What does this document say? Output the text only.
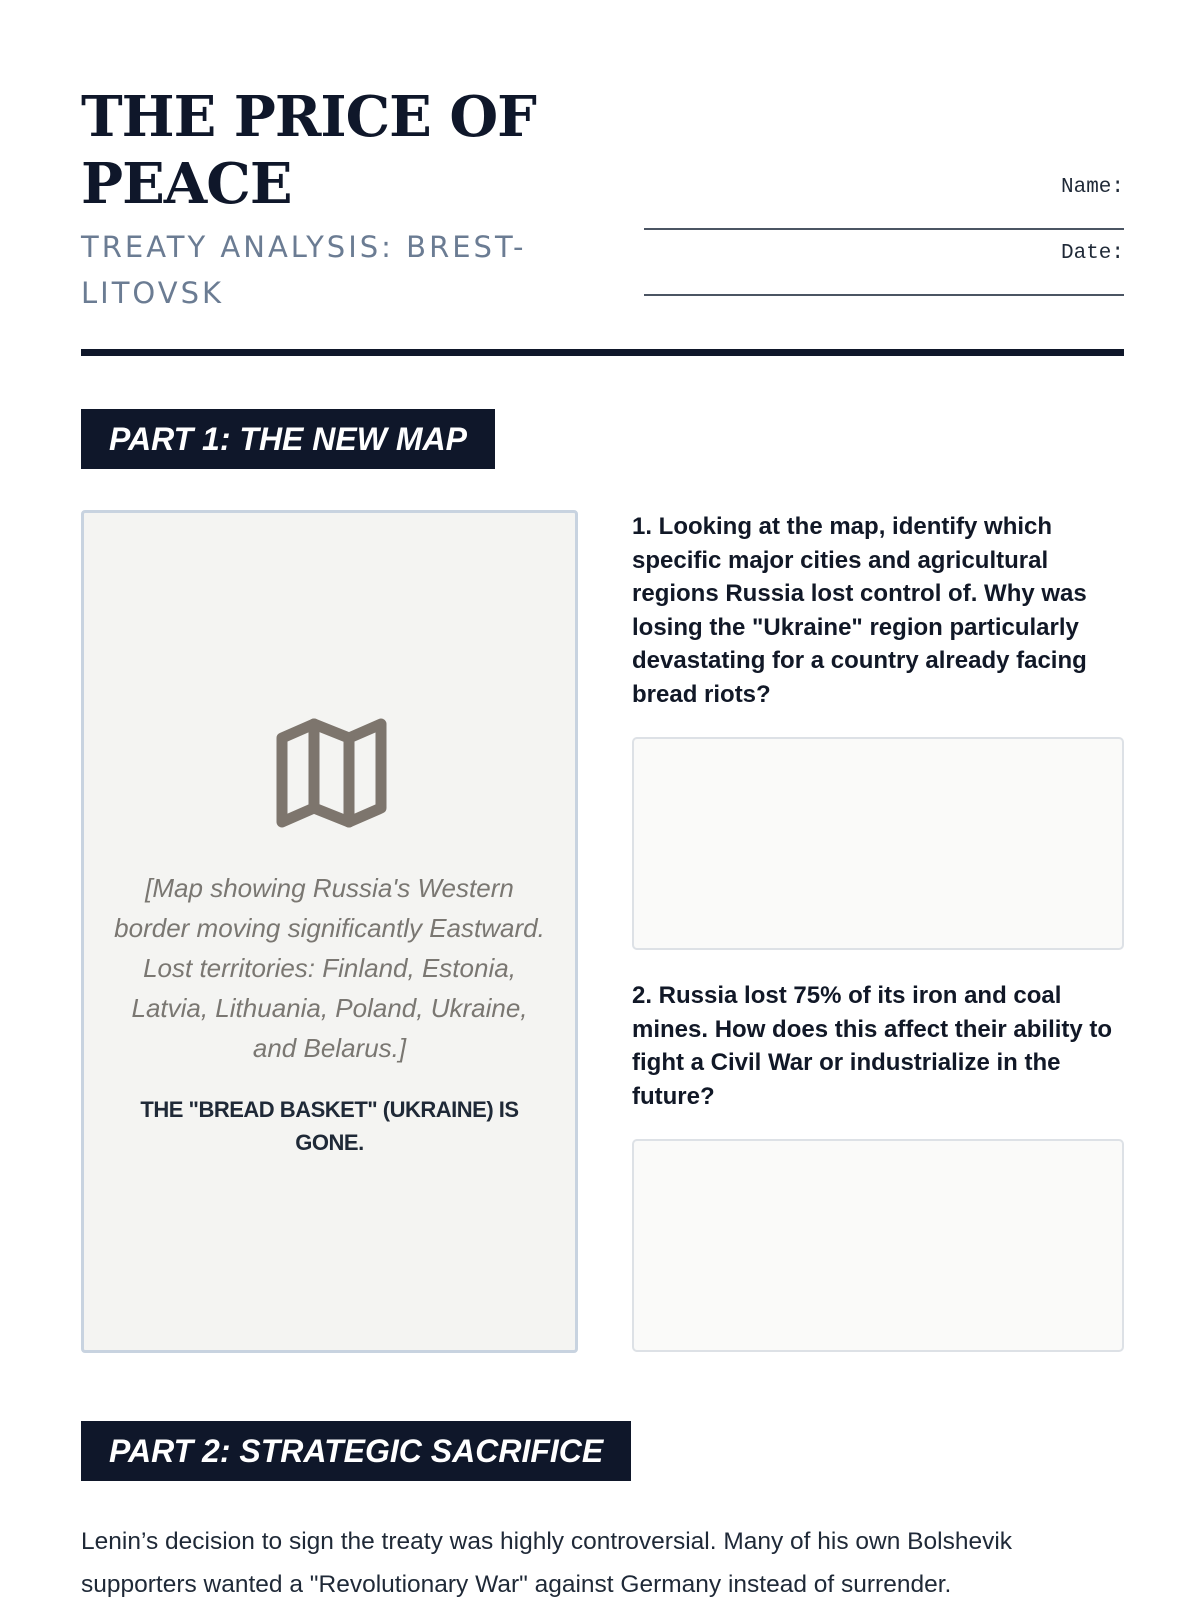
THE PRICE OF PEACE
TREATY ANALYSIS: BREST-LITOVSK
Name:
Date:
PART 1: THE NEW MAP
[Map showing Russia's Western border moving significantly Eastward. Lost territories: Finland, Estonia, Latvia, Lithuania, Poland, Ukraine, and Belarus.]
THE "BREAD BASKET" (UKRAINE) IS GONE.
1. Looking at the map, identify which specific major cities and agricultural regions Russia lost control of. Why was losing the "Ukraine" region particularly devastating for a country already facing bread riots?
2. Russia lost 75% of its iron and coal mines. How does this affect their ability to fight a Civil War or industrialize in the future?
PART 2: STRATEGIC SACRIFICE

Lenin’s decision to sign the treaty was highly controversial. Many of his own Bolshevik supporters wanted a "Revolutionary War" against Germany instead of surrender.
